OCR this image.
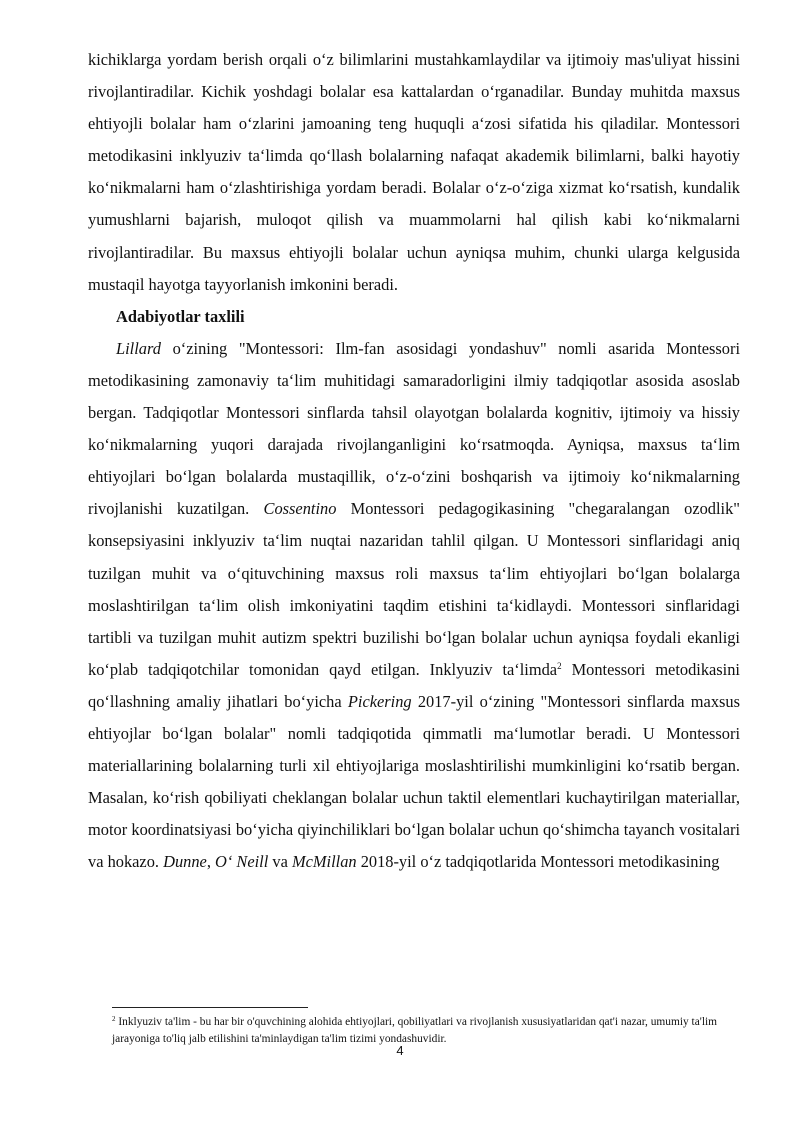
kichiklarga yordam berish orqali oʻz bilimlarini mustahkamlaydilar va ijtimoiy mas'uliyat hissini rivojlantiradilar. Kichik yoshdagi bolalar esa kattalardan oʻrganadilar. Bunday muhitda maxsus ehtiyojli bolalar ham oʻzlarini jamoaning teng huquqli aʻzosi sifatida his qiladilar. Montessori metodikasini inklyuziv taʻlimda qoʻllash bolalarning nafaqat akademik bilimlarni, balki hayotiy koʻnikmalarni ham oʻzlashtirishiga yordam beradi. Bolalar oʻz-oʻziga xizmat koʻrsatish, kundalik yumushlarni bajarish, muloqot qilish va muammolarni hal qilish kabi koʻnikmalarni rivojlantiradilar. Bu maxsus ehtiyojli bolalar uchun ayniqsa muhim, chunki ularga kelgusida mustaqil hayotga tayyorlanish imkonini beradi.

Adabiyotlar taxlili

Lillard oʻzining "Montessori: Ilm-fan asosidagi yondashuv" nomli asarida Montessori metodikasining zamonaviy taʻlim muhitidagi samaradorligini ilmiy tadqiqotlar asosida asoslab bergan. Tadqiqotlar Montessori sinflarda tahsil olayotgan bolalarda kognitiv, ijtimoiy va hissiy koʻnikmalarning yuqori darajada rivojlanganligini koʻrsatmoqda. Ayniqsa, maxsus taʻlim ehtiyojlari boʻlgan bolalarda mustaqillik, oʻz-oʻzini boshqarish va ijtimoiy koʻnikmalarning rivojlanishi kuzatilgan. Cossentino Montessori pedagogikasining "chegaralangan ozodlik" konsepsiyasini inklyuziv taʻlim nuqtai nazaridan tahlil qilgan. U Montessori sinflaridagi aniq tuzilgan muhit va oʻqituvchining maxsus roli maxsus taʻlim ehtiyojlari boʻlgan bolalarga moslashtirilgan taʻlim olish imkoniyatini taqdim etishini taʻkidlaydi. Montessori sinflaridagi tartibli va tuzilgan muhit autizm spektri buzilishi boʻlgan bolalar uchun ayniqsa foydali ekanligi koʻplab tadqiqotchilar tomonidan qayd etilgan. Inklyuziv taʻlimda$^2$ Montessori metodikasini qoʻllashning amaliy jihatlari boʻyicha Pickering 2017-yil oʻzining "Montessori sinflarda maxsus ehtiyojlar boʻlgan bolalar" nomli tadqiqotida qimmatli maʻlumotlar beradi. U Montessori materiallarining bolalarning turli xil ehtiyojlariga moslashtirilishi mumkinligini koʻrsatib bergan. Masalan, koʻrish qobiliyati cheklangan bolalar uchun taktil elementlari kuchaytirilgan materiallar, motor koordinatsiyasi boʻyicha qiyinchiliklari boʻlgan bolalar uchun qoʻshimcha tayanch vositalari va hokazo. Dunne, Oʻ Neill va McMillan 2018-yil oʻz tadqiqotlarida Montessori metodikasining

$^2$ Inklyuziv ta'lim - bu har bir o'quvchining alohida ehtiyojlari, qobiliyatlari va rivojlanish xususiyatlaridan qat'i nazar, umumiy ta'lim jarayoniga to'liq jalb etilishini ta'minlaydigan ta'lim tizimi yondashuvidir.
4
